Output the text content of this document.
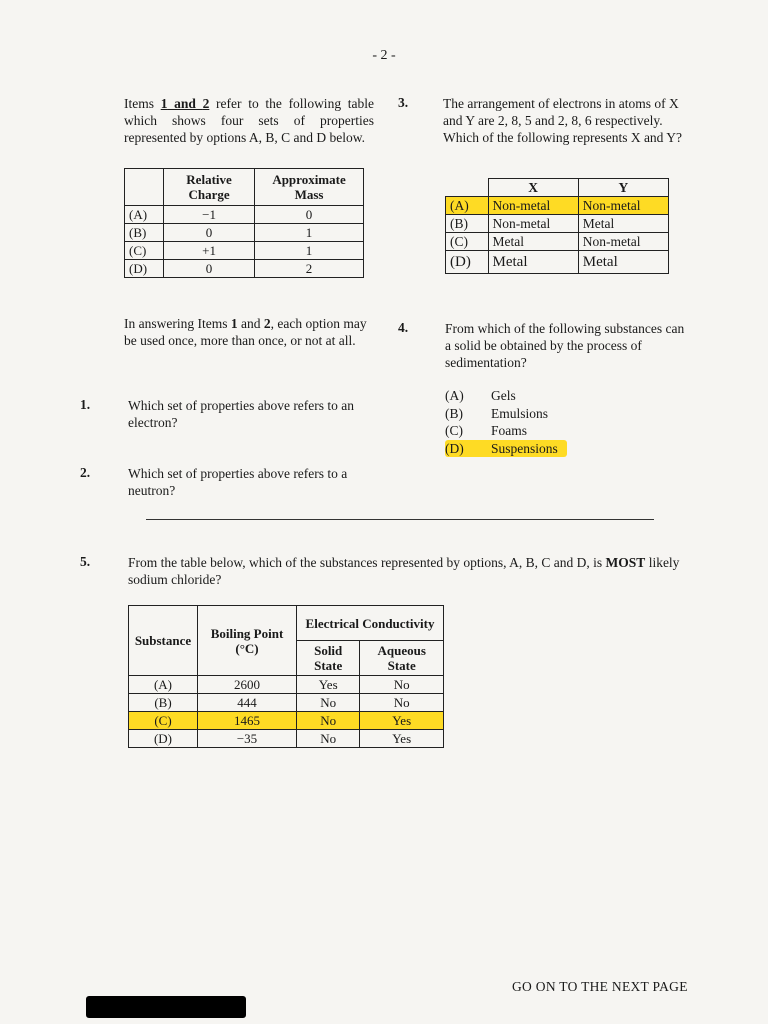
- 2 -
Items 1 and 2 refer to the following table which shows four sets of properties represented by options A, B, C and D below.
	Relative Charge	Approximate Mass
(A)	−1	0
(B)	0	1
(C)	+1	1
(D)	0	2
In answering Items 1 and 2, each option may be used once, more than once, or not at all.
1.	Which set of properties above refers to an electron?
2.	Which set of properties above refers to a neutron?
3.	The arrangement of electrons in atoms of X and Y are 2, 8, 5 and 2, 8, 6 respectively. Which of the following represents X and Y?
	X	Y
(A)	Non-metal	Non-metal
(B)	Non-metal	Metal
(C)	Metal	Non-metal
(D)	Metal	Metal
4.	From which of the following substances can a solid be obtained by the process of sedimentation?
(A)	Gels
(B)	Emulsions
(C)	Foams
(D)	Suspensions
5.	From the table below, which of the substances represented by options, A, B, C and D, is MOST likely sodium chloride?
Substance	Boiling Point (°C)	Electrical Conductivity	
		Solid State	Aqueous State
(A)	2600	Yes	No
(B)	444	No	No
(C)	1465	No	Yes
(D)	−35	No	Yes
GO ON TO THE NEXT PAGE
